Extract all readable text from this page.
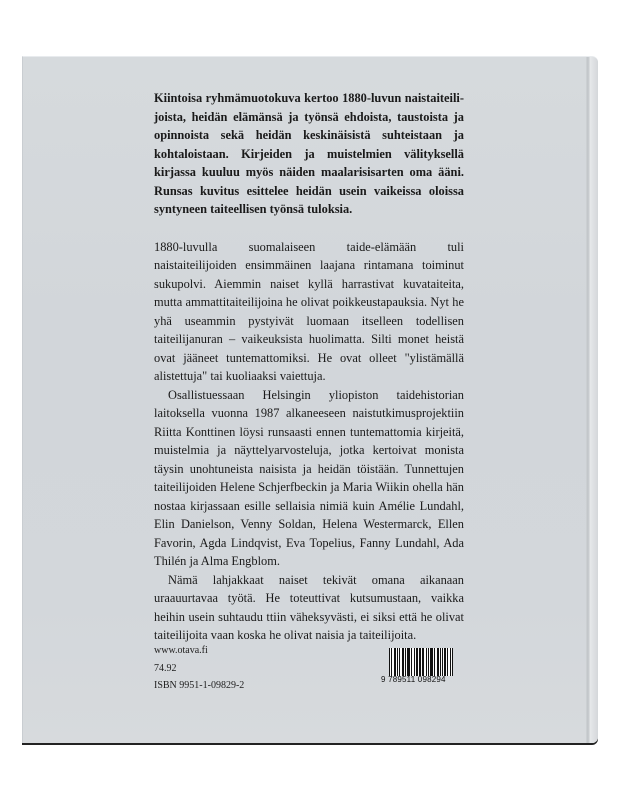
Kiintoisa ryhmämuotokuva kertoo 1880-luvun naistaiteilijoista, heidän elämänsä ja työnsä ehdoista, taustoista ja opinnoista sekä heidän keskinäisistä suhteistaan ja kohtaloistaan. Kirjeiden ja muistelmien välityksellä kirjassa kuuluu myös näiden maalarisisarten oma ääni. Runsas kuvitus esittelee heidän usein vaikeissa oloissa syntyneen taiteellisen työnsä tuloksia.

1880-luvulla suomalaiseen taide-elämään tuli naistaiteilijoiden ensimmäinen laajana rintamana toiminut sukupolvi. Aiemmin naiset kyllä harrastivat kuvataiteita, mutta ammattitaiteilijoina he olivat poikkeustapauksia. Nyt he yhä useammin pystyivät luomaan itselleen todellisen taiteilijanuran – vaikeuksista huolimatta. Silti monet heistä ovat jääneet tuntemattomiksi. He ovat olleet "ylistämällä alistettuja" tai kuoliaaksi vaiettuja.

Osallistuessaan Helsingin yliopiston taidehistorian laitoksella vuonna 1987 alkaneeseen naistutkimusprojektiin Riitta Konttinen löysi runsaasti ennen tuntemattomia kirjeitä, muistelmia ja näyttelyarvosteluja, jotka kertoivat monista täysin unohtuneista naisista ja heidän töistään. Tunnettujen taiteilijoiden Helene Schjerfbeckin ja Maria Wiikin ohella hän nostaa kirjassaan esille sellaisia nimiä kuin Amélie Lundahl, Elin Danielson, Venny Soldan, Helena Westermarck, Ellen Favorin, Agda Lindqvist, Eva Topelius, Fanny Lundahl, Ada Thilén ja Alma Engblom.

Nämä lahjakkaat naiset tekivät omana aikanaan uraauurtavaa työtä. He toteuttivat kutsumustaan, vaikka heihin usein suhtaudu ttiin väheksyvästi, ei siksi että he olivat taiteilijoita vaan koska he olivat naisia ja taiteilijoita.

www.otava.fi
74.92
ISBN 9951-1-09829-2
9 789511 098294
